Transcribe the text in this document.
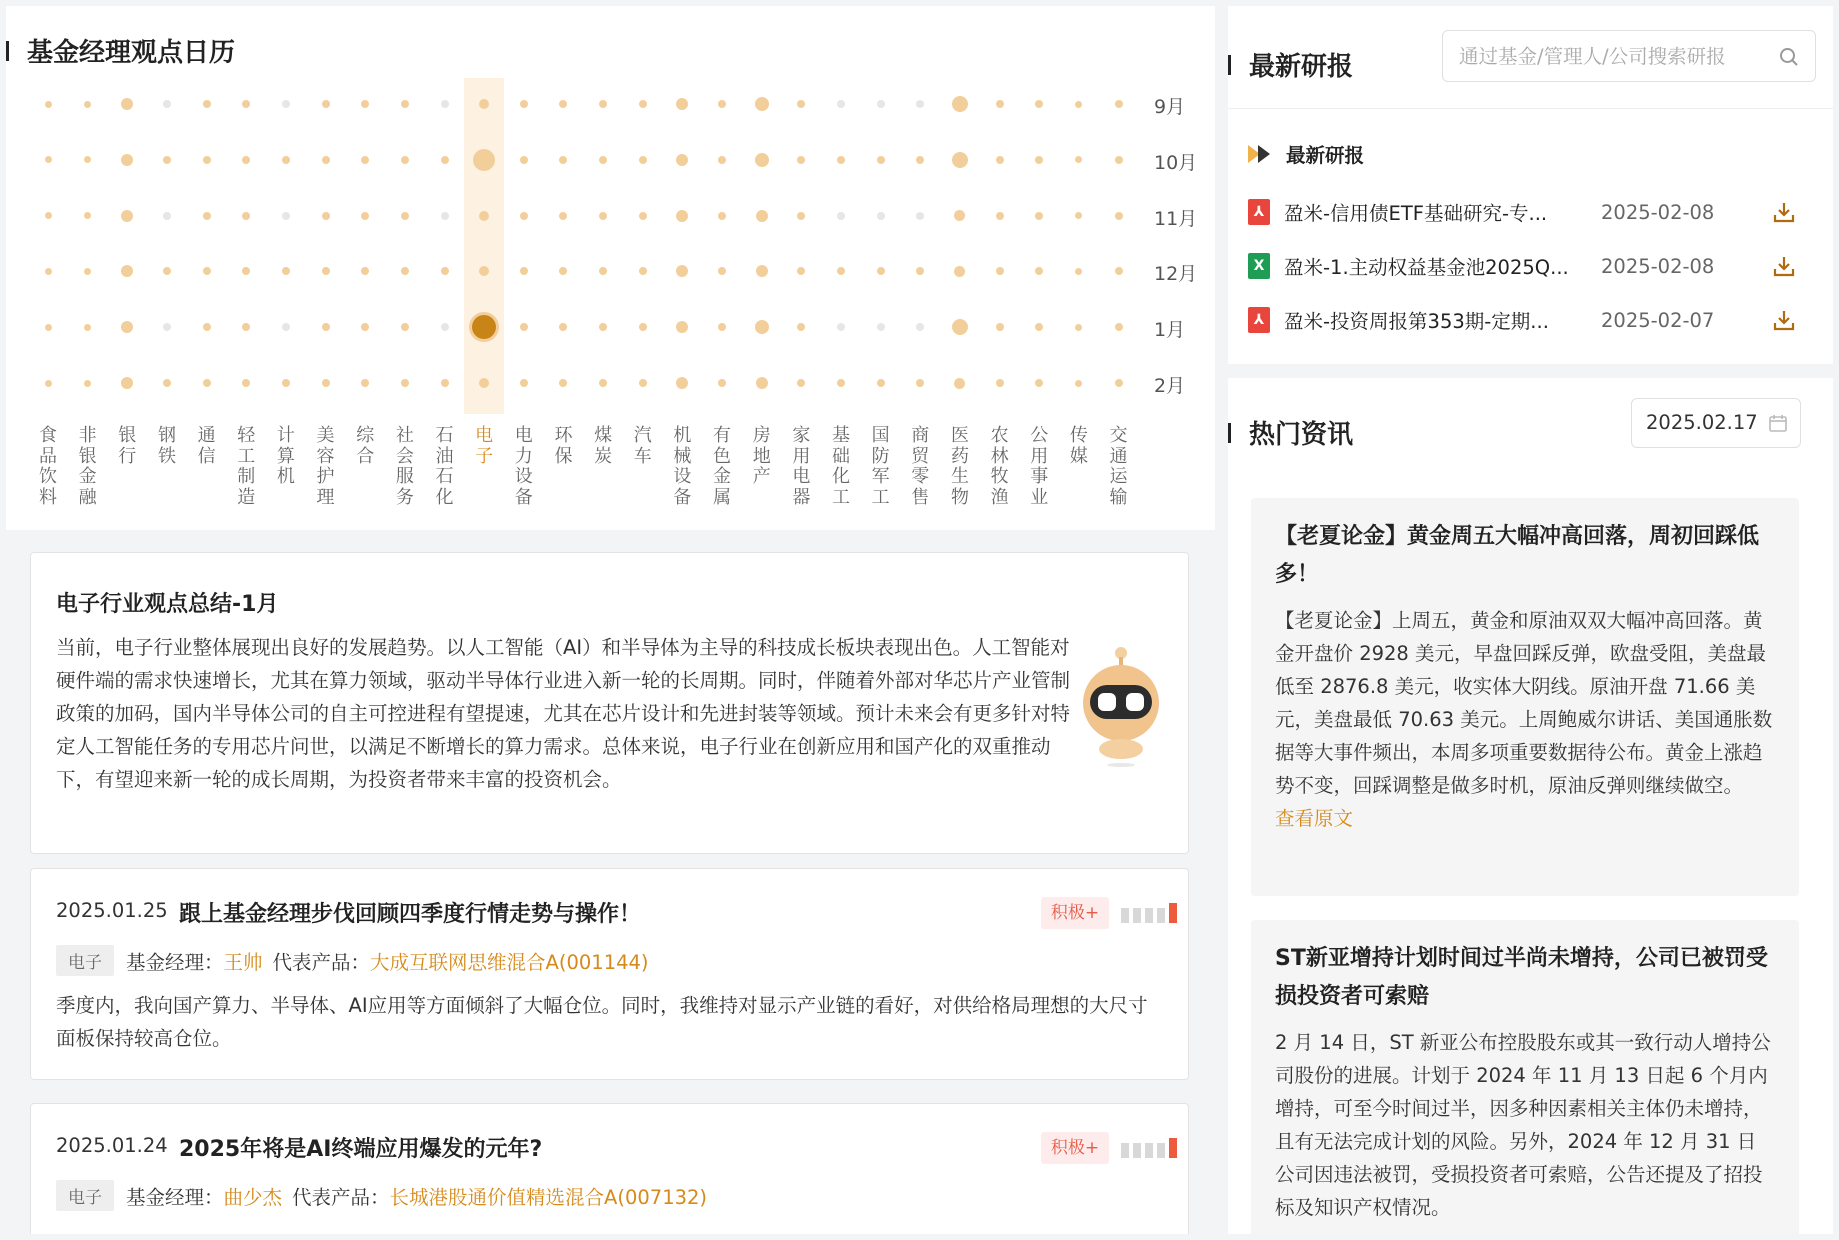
基金经理观点日历
食品饮料
非银金融
银行
钢铁
通信
轻工制造
计算机
美容护理
综合
社会服务
石油石化
电子
电力设备
环保
煤炭
汽车
机械设备
有色金属
房地产
家用电器
基础化工
国防军工
商贸零售
医药生物
农林牧渔
公用事业
传媒
交通运输
9月
10月
11月
12月
1月
2月
电子行业观点总结-1月
当前，电子行业整体展现出良好的发展趋势。以人工智能（AI）和半导体为主导的科技成长板块表现出色。人工智能对硬件端的需求快速增长，尤其在算力领域，驱动半导体行业进入新一轮的长周期。同时，伴随着外部对华芯片产业管制政策的加码，国内半导体公司的自主可控进程有望提速，尤其在芯片设计和先进封装等领域。预计未来会有更多针对特定人工智能任务的专用芯片问世，以满足不断增长的算力需求。总体来说，电子行业在创新应用和国产化的双重推动下，有望迎来新一轮的成长周期，为投资者带来丰富的投资机会。
2025.01.25 跟上基金经理步伐回顾四季度行情走势与操作！	积极+
电子	基金经理： 王帅 代表产品： 大成互联网思维混合A(001144)
季度内，我向国产算力、半导体、AI应用等方面倾斜了大幅仓位。同时，我维持对显示产业链的看好，对供给格局理想的大尺寸面板保持较高仓位。
2025.01.24 2025年将是AI终端应用爆发的元年?	积极+
电子	基金经理： 曲少杰 代表产品： 长城港股通价值精选混合A(007132)
最新研报
通过基金/管理人/公司搜索研报
最新研报
⅄ 盈米-信用债ETF基础研究-专...	2025-02-08
X 盈米-1.主动权益基金池2025Q...	2025-02-08
⅄ 盈米-投资周报第353期-定期...	2025-02-07
热门资讯	2025.02.17
【老夏论金】黄金周五大幅冲高回落，周初回踩低多！
【老夏论金】上周五，黄金和原油双双大幅冲高回落。黄金开盘价 2928 美元，早盘回踩反弹，欧盘受阻，美盘最低至 2876.8 美元，收实体大阴线。原油开盘 71.66 美元，美盘最低 70.63 美元。上周鲍威尔讲话、美国通胀数据等大事件频出，本周多项重要数据待公布。黄金上涨趋势不变，回踩调整是做多时机，原油反弹则继续做空。
查看原文
ST新亚增持计划时间过半尚未增持，公司已被罚受损投资者可索赔
2 月 14 日，ST 新亚公布控股股东或其一致行动人增持公司股份的进展。计划于 2024 年 11 月 13 日起 6 个月内增持，可至今时间过半，因多种因素相关主体仍未增持，且有无法完成计划的风险。另外，2024 年 12 月 31 日公司因违法被罚，受损投资者可索赔，公告还提及了招投标及知识产权情况。
